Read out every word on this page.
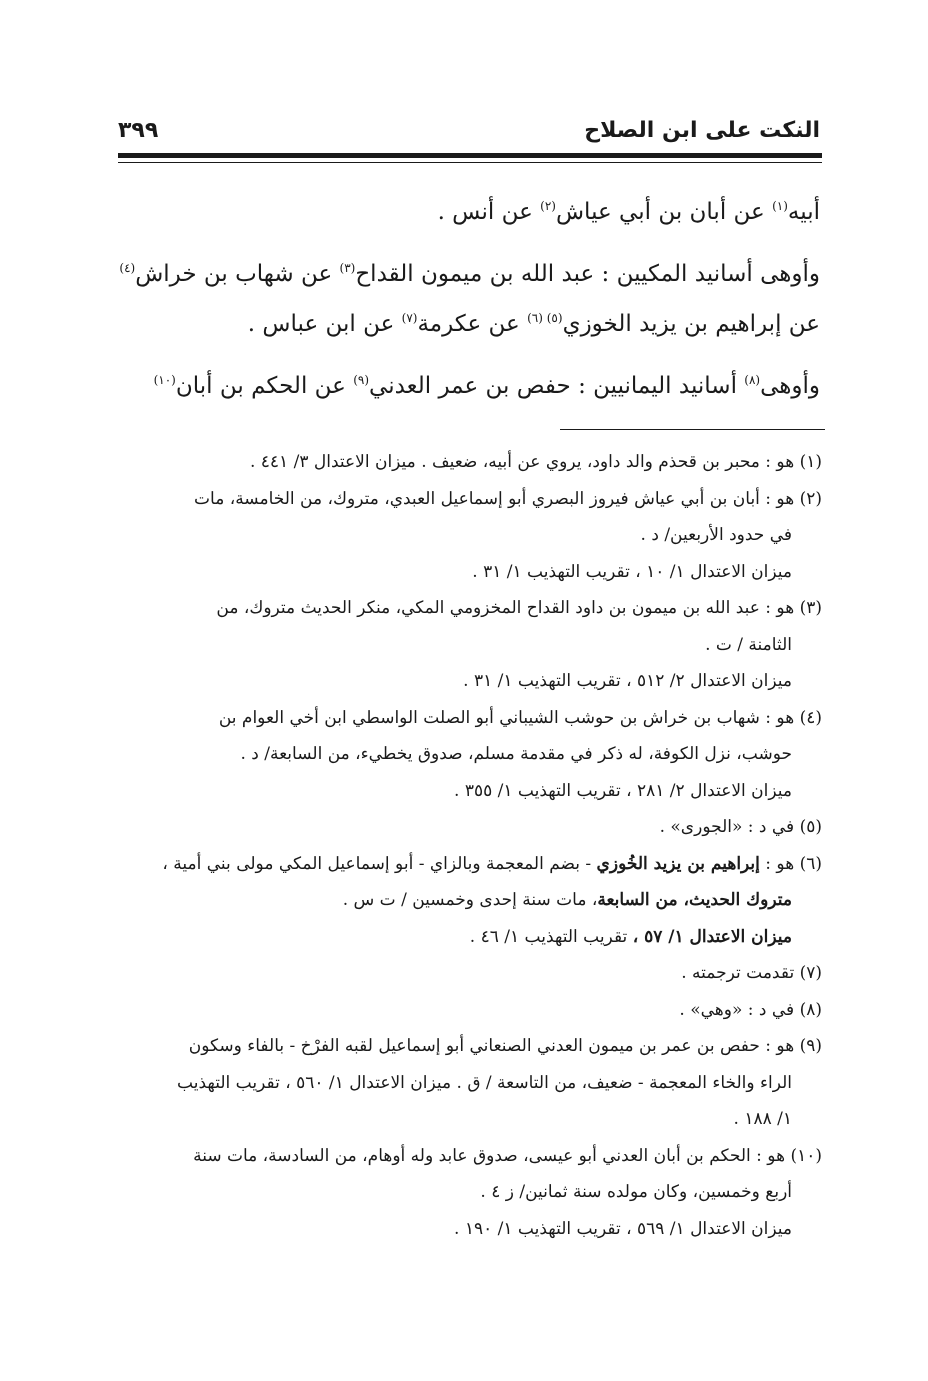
النكت على ابن الصلاح
٣٩٩
أبيه$^{(١)}$ عن أبان بن أبي عياش$^{(٢)}$ عن أنس .
وأوهى أسانيد المكيين : عبد الله بن ميمون القداح$^{(٣)}$ عن شهاب بن خراش$^{(٤)}$
عن إبراهيم بن يزيد الخوزي$^{(٥)}$ $^{(٦)}$ عن عكرمة$^{(٧)}$ عن ابن عباس .
وأوهى$^{(٨)}$ أسانيد اليمانيين : حفص بن عمر العدني$^{(٩)}$ عن الحكم بن أبان$^{(١٠)}$
(١) هو : محبر بن قحذم والد داود، يروي عن أبيه، ضعيف . ميزان الاعتدال ٣/ ٤٤١ .
(٢) هو : أبان بن أبي عياش فيروز البصري أبو إسماعيل العبدي، متروك، من الخامسة، مات
في حدود الأربعين/ د .
ميزان الاعتدال ١/ ١٠ ، تقريب التهذيب ١/ ٣١ .
(٣) هو : عبد الله بن ميمون بن داود القداح المخزومي المكي، منكر الحديث متروك، من
الثامنة / ت .
ميزان الاعتدال ٢/ ٥١٢ ، تقريب التهذيب ١/ ٣١ .
(٤) هو : شهاب بن خراش بن حوشب الشيباني أبو الصلت الواسطي ابن أخي العوام بن
حوشب، نزل الكوفة، له ذكر في مقدمة مسلم، صدوق يخطيء، من السابعة/ د .
ميزان الاعتدال ٢/ ٢٨١ ، تقريب التهذيب ١/ ٣٥٥ .
(٥) في د : «الجورى» .
(٦) هو : إبراهيم بن يزيد الخُوزي - بضم المعجمة وبالزاي - أبو إسماعيل المكي مولى بني أمية ،
متروك الحديث، من السابعة، مات سنة إحدى وخمسين / ت س .
ميزان الاعتدال ١/ ٥٧ ، تقريب التهذيب ١/ ٤٦ .
(٧) تقدمت ترجمته .
(٨) في د : «وهي» .
(٩) هو : حفص بن عمر بن ميمون العدني الصنعاني أبو إسماعيل لقبه الفرْخ - بالفاء وسكون
الراء والخاء المعجمة - ضعيف، من التاسعة / ق . ميزان الاعتدال ١/ ٥٦٠ ، تقريب التهذيب
١/ ١٨٨ .
(١٠) هو : الحكم بن أبان العدني أبو عيسى، صدوق عابد وله أوهام، من السادسة، مات سنة
أربع وخمسين، وكان مولده سنة ثمانين/ ز ٤ .
ميزان الاعتدال ١/ ٥٦٩ ، تقريب التهذيب ١/ ١٩٠ .
